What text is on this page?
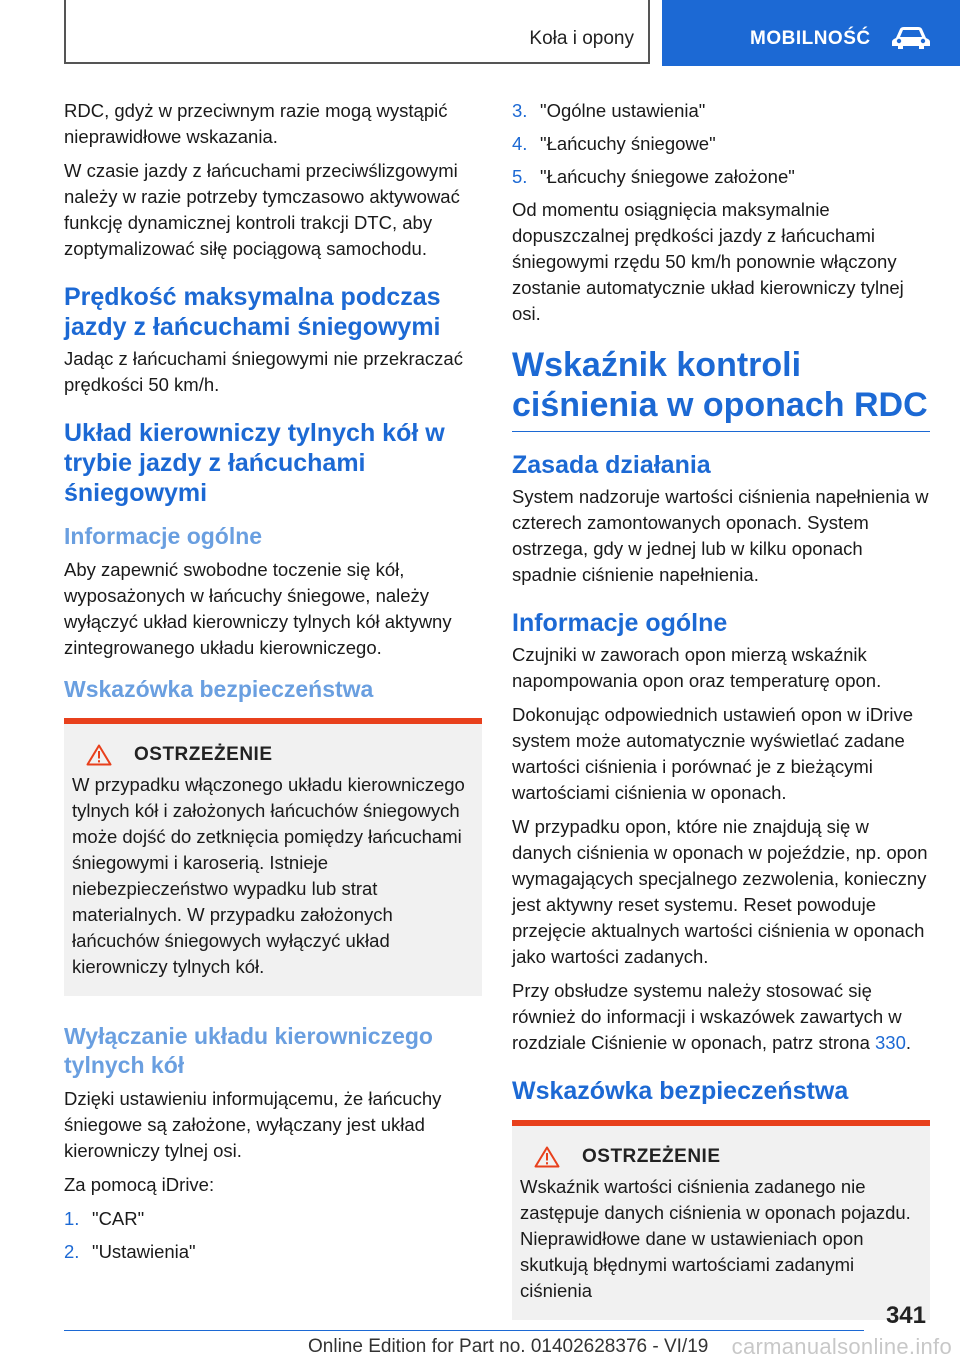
Koła i opony	MOBILNOŚĆ

RDC, gdyż w przeciwnym razie mogą wystąpić nieprawidłowe wskazania.

W czasie jazdy z łańcuchami przeciwślizgowymi należy w razie potrzeby tymczasowo aktywować funkcję dynamicznej kontroli trakcji DTC, aby zoptymalizować siłę pociągową samochodu.

Prędkość maksymalna podczas jazdy z łańcuchami śniegowymi

Jadąc z łańcuchami śniegowymi nie przekraczać prędkości 50 km/h.

Układ kierowniczy tylnych kół w trybie jazdy z łańcuchami śniegowymi
Informacje ogólne

Aby zapewnić swobodne toczenie się kół, wyposażonych w łańcuchy śniegowe, należy wyłączyć układ kierowniczy tylnych kół aktywny zintegrowanego układu kierowniczego.

Wskazówka bezpieczeństwa
OSTRZEŻENIE

W przypadku włączonego układu kierowniczego tylnych kół i założonych łańcuchów śniegowych może dojść do zetknięcia pomiędzy łańcuchami śniegowymi i karoserią. Istnieje niebezpieczeństwo wypadku lub strat materialnych. W przypadku założonych łańcuchów śniegowych wyłączyć układ kierowniczy tylnych kół.

Wyłączanie układu kierowniczego tylnych kół

Dzięki ustawieniu informującemu, że łańcuchy śniegowe są założone, wyłączany jest układ kierowniczy tylnej osi.

Za pomocą iDrive:

1. "CAR"
2. "Ustawienia"
3. "Ogólne ustawienia"
4. "Łańcuchy śniegowe"
5. "Łańcuchy śniegowe założone"

Od momentu osiągnięcia maksymalnie dopuszczalnej prędkości jazdy z łańcuchami śniegowymi rzędu 50 km/h ponownie włączony zostanie automatycznie układ kierowniczy tylnej osi.

Wskaźnik kontroli ciśnienia w oponach RDC
Zasada działania

System nadzoruje wartości ciśnienia napełnienia w czterech zamontowanych oponach. System ostrzega, gdy w jednej lub w kilku oponach spadnie ciśnienie napełnienia.

Informacje ogólne

Czujniki w zaworach opon mierzą wskaźnik napompowania opon oraz temperaturę opon.

Dokonując odpowiednich ustawień opon w iDrive system może automatycznie wyświetlać zadane wartości ciśnienia i porównać je z bieżącymi wartościami ciśnienia w oponach.

W przypadku opon, które nie znajdują się w danych ciśnienia w oponach w pojeździe, np. opon wymagających specjalnego zezwolenia, konieczny jest aktywny reset systemu. Reset powoduje przejęcie aktualnych wartości ciśnienia w oponach jako wartości zadanych.

Przy obsłudze systemu należy stosować się również do informacji i wskazówek zawartych w rozdziale Ciśnienie w oponach, patrz strona 330.

Wskazówka bezpieczeństwa
OSTRZEŻENIE

Wskaźnik wartości ciśnienia zadanego nie zastępuje danych ciśnienia w oponach pojazdu. Nieprawidłowe dane w ustawieniach opon skutkują błędnymi wartościami zadanymi ciśnienia

341
Online Edition for Part no. 01402628376 - VI/19 carmanualsonline.info
